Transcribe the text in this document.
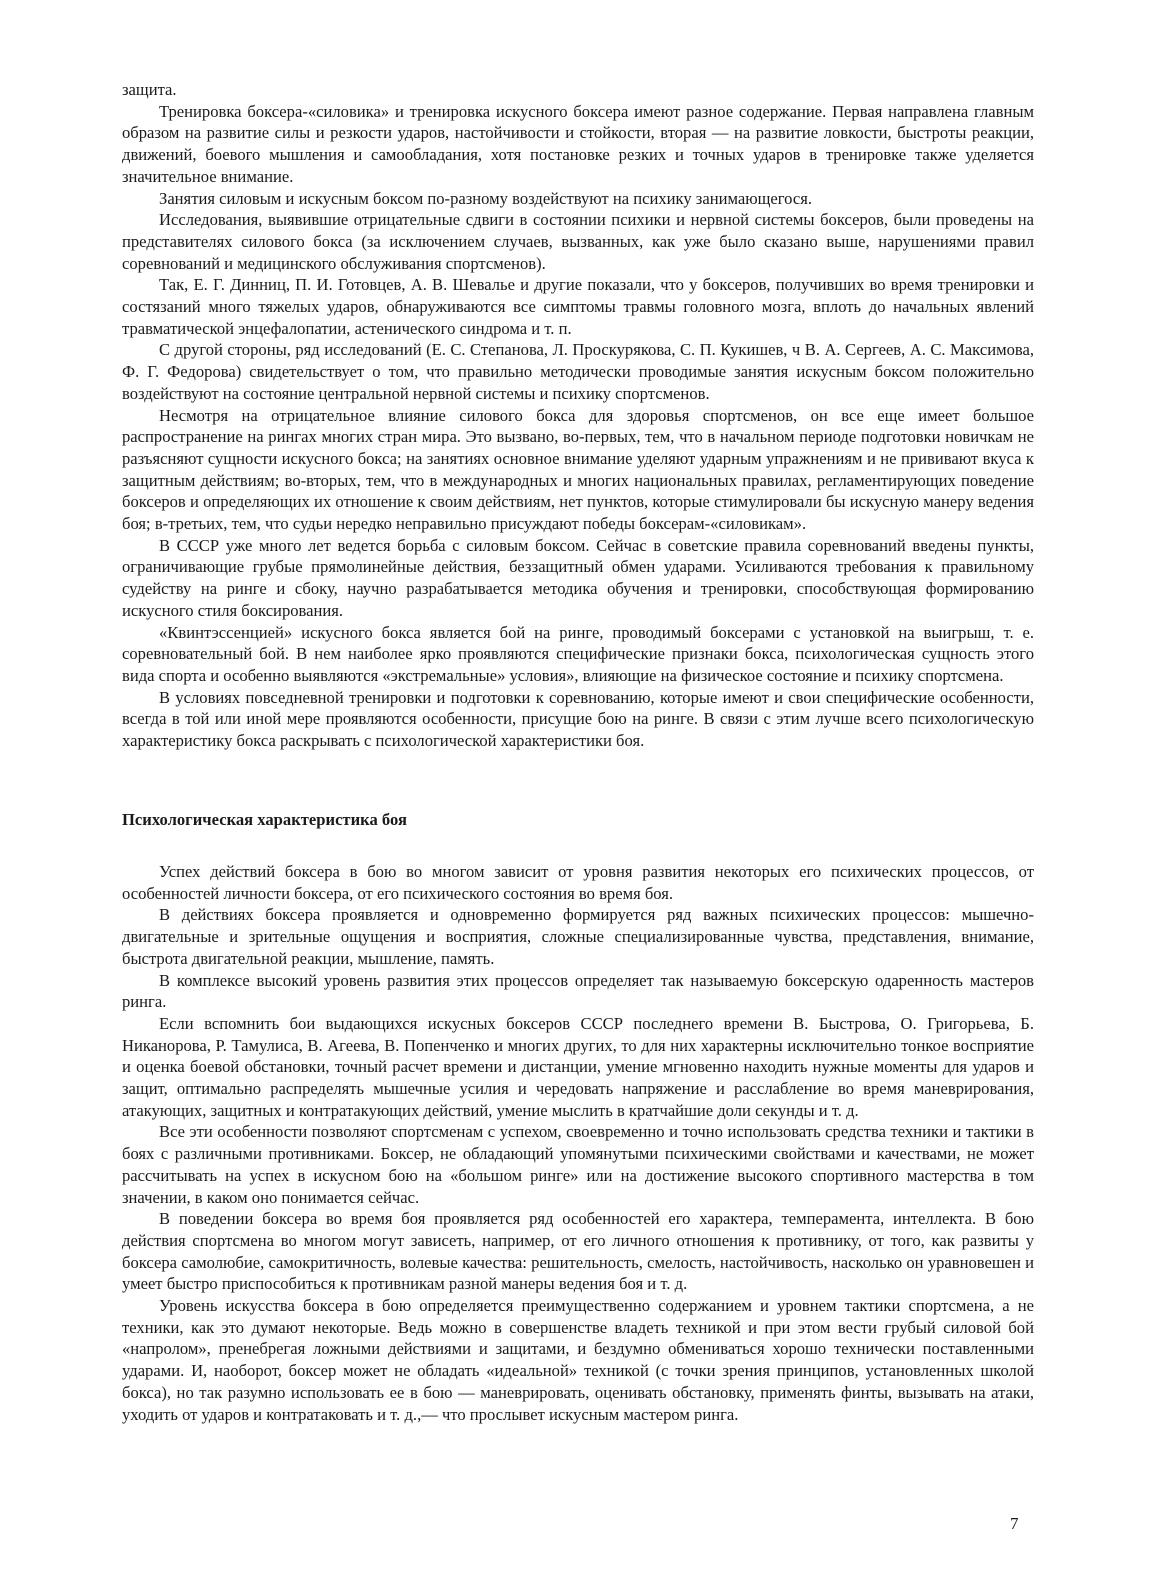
защита.

Тренировка боксера-«силовика» и тренировка искусного боксера имеют разное содержание. Первая направлена главным образом на развитие силы и резкости ударов, настойчивости и стойкости, вторая — на развитие ловкости, быстроты реакции, движений, боевого мышления и самообладания, хотя постановке резких и точных ударов в тренировке также уделяется значительное внимание.

Занятия силовым и искусным боксом по-разному воздействуют на психику занимающегося.

Исследования, выявившие отрицательные сдвиги в состоянии психики и нервной системы боксеров, были проведены на представителях силового бокса (за исключением случаев, вызванных, как уже было сказано выше, нарушениями правил соревнований и медицинского обслуживания спортсменов).

Так, Е. Г. Динниц, П. И. Готовцев, А. В. Шевалье и другие показали, что у боксеров, получивших во время тренировки и состязаний много тяжелых ударов, обнаруживаются все симптомы травмы головного мозга, вплоть до начальных явлений травматической энцефалопатии, астенического синдрома и т. п.

С другой стороны, ряд исследований (Е. С. Степанова, Л. Проскурякова, С. П. Кукишев, ч В. А. Сергеев, А. С. Максимова, Ф. Г. Федорова) свидетельствует о том, что правильно методически проводимые занятия искусным боксом положительно воздействуют на состояние центральной нервной системы и психику спортсменов.

Несмотря на отрицательное влияние силового бокса для здоровья спортсменов, он все еще имеет большое распространение на рингах многих стран мира. Это вызвано, во-первых, тем, что в начальном периоде подготовки новичкам не разъясняют сущности искусного бокса; на занятиях основное внимание уделяют ударным упражнениям и не прививают вкуса к защитным действиям; во-вторых, тем, что в международных и многих национальных правилах, регламентирующих поведение боксеров и определяющих их отношение к своим действиям, нет пунктов, которые стимулировали бы искусную манеру ведения боя; в-третьих, тем, что судьи нередко неправильно присуждают победы боксерам-«силовикам».

В СССР уже много лет ведется борьба с силовым боксом. Сейчас в советские правила соревнований введены пункты, ограничивающие грубые прямолинейные действия, беззащитный обмен ударами. Усиливаются требования к правильному судейству на ринге и сбоку, научно разрабатывается методика обучения и тренировки, способствующая формированию искусного стиля боксирования.

«Квинтэссенцией» искусного бокса является бой на ринге, проводимый боксерами с установкой на выигрыш, т. е. соревновательный бой. В нем наиболее ярко проявляются специфические признаки бокса, психологическая сущность этого вида спорта и особенно выявляются «экстремальные» условия», влияющие на физическое состояние и психику спортсмена.

В условиях повседневной тренировки и подготовки к соревнованию, которые имеют и свои специфические особенности, всегда в той или иной мере проявляются особенности, присущие бою на ринге. В связи с этим лучше всего психологическую характеристику бокса раскрывать с психологической характеристики боя.

Психологическая характеристика боя

Успех действий боксера в бою во многом зависит от уровня развития некоторых его психических процессов, от особенностей личности боксера, от его психического состояния во время боя.

В действиях боксера проявляется и одновременно формируется ряд важных психических процессов: мышечно-двигательные и зрительные ощущения и восприятия, сложные специализированные чувства, представления, внимание, быстрота двигательной реакции, мышление, память.

В комплексе высокий уровень развития этих процессов определяет так называемую боксерскую одаренность мастеров ринга.

Если вспомнить бои выдающихся искусных боксеров СССР последнего времени В. Быстрова, О. Григорьева, Б. Никанорова, Р. Тамулиса, В. Агеева, В. Попенченко и многих других, то для них характерны исключительно тонкое восприятие и оценка боевой обстановки, точный расчет времени и дистанции, умение мгновенно находить нужные моменты для ударов и защит, оптимально распределять мышечные усилия и чередовать напряжение и расслабление во время маневрирования, атакующих, защитных и контратакующих действий, умение мыслить в кратчайшие доли секунды и т. д.

Все эти особенности позволяют спортсменам с успехом, своевременно и точно использовать средства техники и тактики в боях с различными противниками. Боксер, не обладающий упомянутыми психическими свойствами и качествами, не может рассчитывать на успех в искусном бою на «большом ринге» или на достижение высокого спортивного мастерства в том значении, в каком оно понимается сейчас.

В поведении боксера во время боя проявляется ряд особенностей его характера, темперамента, интеллекта. В бою действия спортсмена во многом могут зависеть, например, от его личного отношения к противнику, от того, как развиты у боксера самолюбие, самокритичность, волевые качества: решительность, смелость, настойчивость, насколько он уравновешен и умеет быстро приспособиться к противникам разной манеры ведения боя и т. д.

Уровень искусства боксера в бою определяется преимущественно содержанием и уровнем тактики спортсмена, а не техники, как это думают некоторые. Ведь можно в совершенстве владеть техникой и при этом вести грубый силовой бой «напролом», пренебрегая ложными действиями и защитами, и бездумно обмениваться хорошо технически поставленными ударами. И, наоборот, боксер может не обладать «идеальной» техникой (с точки зрения принципов, установленных школой бокса), но так разумно использовать ее в бою — маневрировать, оценивать обстановку, применять финты, вызывать на атаки, уходить от ударов и контратаковать и т. д.,— что прослывет искусным мастером ринга.

7
